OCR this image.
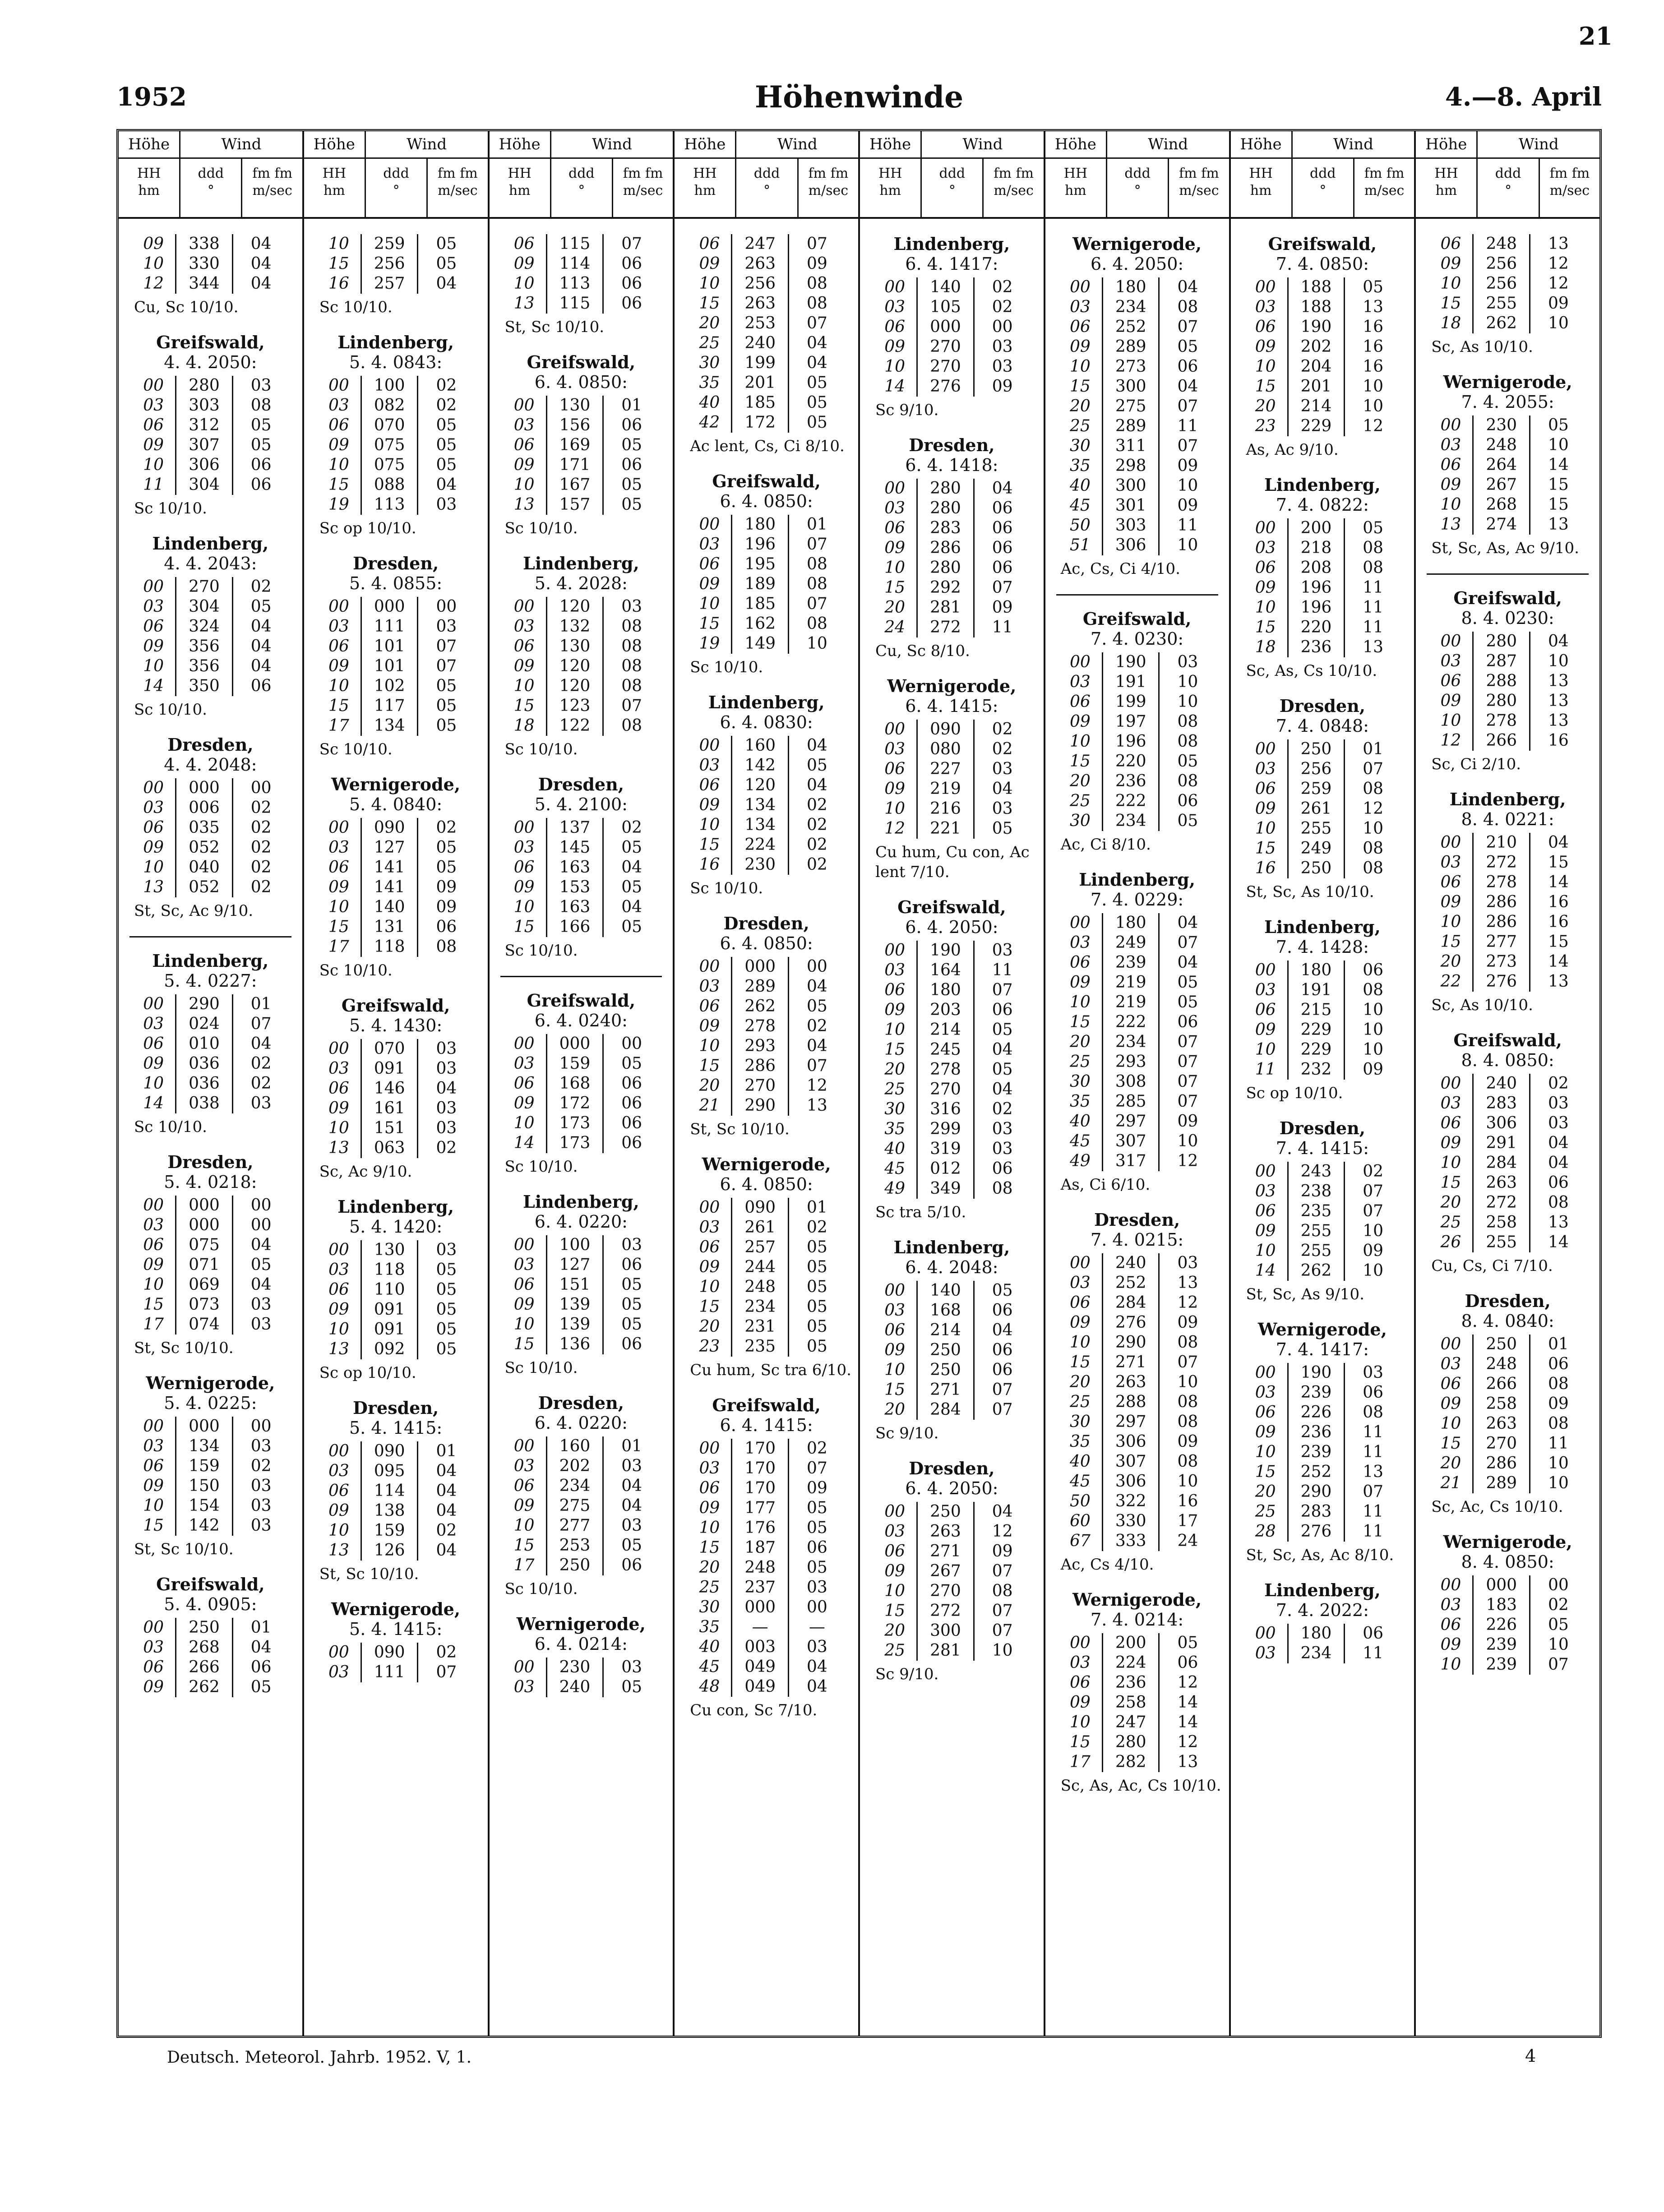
21
1952	Höhenwinde	4.—8. April
Höhe	Wind
HH
hm
ddd
°
fm fm
m/sec
Höhe	Wind
HH
hm
ddd
°
fm fm
m/sec
Höhe	Wind
HH
hm
ddd
°
fm fm
m/sec
Höhe	Wind
HH
hm
ddd
°
fm fm
m/sec
Höhe	Wind
HH
hm
ddd
°
fm fm
m/sec
Höhe	Wind
HH
hm
ddd
°
fm fm
m/sec
Höhe	Wind
HH
hm
ddd
°
fm fm
m/sec
Höhe	Wind
HH
hm
ddd
°
fm fm
m/sec
09	338	04
10	330	04
12	344	04
Cu, Sc 10/10.
Greifswald,
4. 4. 2050:
00	280	03
03	303	08
06	312	05
09	307	05
10	306	06
11	304	06
Sc 10/10.
Lindenberg,
4. 4. 2043:
00	270	02
03	304	05
06	324	04
09	356	04
10	356	04
14	350	06
Sc 10/10.
Dresden,
4. 4. 2048:
00	000	00
03	006	02
06	035	02
09	052	02
10	040	02
13	052	02
St, Sc, Ac 9/10.
Lindenberg,
5. 4. 0227:
00	290	01
03	024	07
06	010	04
09	036	02
10	036	02
14	038	03
Sc 10/10.
Dresden,
5. 4. 0218:
00	000	00
03	000	00
06	075	04
09	071	05
10	069	04
15	073	03
17	074	03
St, Sc 10/10.
Wernigerode,
5. 4. 0225:
00	000	00
03	134	03
06	159	02
09	150	03
10	154	03
15	142	03
St, Sc 10/10.
Greifswald,
5. 4. 0905:
00	250	01
03	268	04
06	266	06
09	262	05
10	259	05
15	256	05
16	257	04
Sc 10/10.
Lindenberg,
5. 4. 0843:
00	100	02
03	082	02
06	070	05
09	075	05
10	075	05
15	088	04
19	113	03
Sc op 10/10.
Dresden,
5. 4. 0855:
00	000	00
03	111	03
06	101	07
09	101	07
10	102	05
15	117	05
17	134	05
Sc 10/10.
Wernigerode,
5. 4. 0840:
00	090	02
03	127	05
06	141	05
09	141	09
10	140	09
15	131	06
17	118	08
Sc 10/10.
Greifswald,
5. 4. 1430:
00	070	03
03	091	03
06	146	04
09	161	03
10	151	03
13	063	02
Sc, Ac 9/10.
Lindenberg,
5. 4. 1420:
00	130	03
03	118	05
06	110	05
09	091	05
10	091	05
13	092	05
Sc op 10/10.
Dresden,
5. 4. 1415:
00	090	01
03	095	04
06	114	04
09	138	04
10	159	02
13	126	04
St, Sc 10/10.
Wernigerode,
5. 4. 1415:
00	090	02
03	111	07
06	115	07
09	114	06
10	113	06
13	115	06
St, Sc 10/10.
Greifswald,
6. 4. 0850:
00	130	01
03	156	06
06	169	05
09	171	06
10	167	05
13	157	05
Sc 10/10.
Lindenberg,
5. 4. 2028:
00	120	03
03	132	08
06	130	08
09	120	08
10	120	08
15	123	07
18	122	08
Sc 10/10.
Dresden,
5. 4. 2100:
00	137	02
03	145	05
06	163	04
09	153	05
10	163	04
15	166	05
Sc 10/10.
Greifswald,
6. 4. 0240:
00	000	00
03	159	05
06	168	06
09	172	06
10	173	06
14	173	06
Sc 10/10.
Lindenberg,
6. 4. 0220:
00	100	03
03	127	06
06	151	05
09	139	05
10	139	05
15	136	06
Sc 10/10.
Dresden,
6. 4. 0220:
00	160	01
03	202	03
06	234	04
09	275	04
10	277	03
15	253	05
17	250	06
Sc 10/10.
Wernigerode,
6. 4. 0214:
00	230	03
03	240	05
06	247	07
09	263	09
10	256	08
15	263	08
20	253	07
25	240	04
30	199	04
35	201	05
40	185	05
42	172	05
Ac lent, Cs, Ci 8/10.
Greifswald,
6. 4. 0850:
00	180	01
03	196	07
06	195	08
09	189	08
10	185	07
15	162	08
19	149	10
Sc 10/10.
Lindenberg,
6. 4. 0830:
00	160	04
03	142	05
06	120	04
09	134	02
10	134	02
15	224	02
16	230	02
Sc 10/10.
Dresden,
6. 4. 0850:
00	000	00
03	289	04
06	262	05
09	278	02
10	293	04
15	286	07
20	270	12
21	290	13
St, Sc 10/10.
Wernigerode,
6. 4. 0850:
00	090	01
03	261	02
06	257	05
09	244	05
10	248	05
15	234	05
20	231	05
23	235	05
Cu hum, Sc tra 6/10.
Greifswald,
6. 4. 1415:
00	170	02
03	170	07
06	170	09
09	177	05
10	176	05
15	187	06
20	248	05
25	237	03
30	000	00
35	—	—
40	003	03
45	049	04
48	049	04
Cu con, Sc 7/10.
Lindenberg,
6. 4. 1417:
00	140	02
03	105	02
06	000	00
09	270	03
10	270	03
14	276	09
Sc 9/10.
Dresden,
6. 4. 1418:
00	280	04
03	280	06
06	283	06
09	286	06
10	280	06
15	292	07
20	281	09
24	272	11
Cu, Sc 8/10.
Wernigerode,
6. 4. 1415:
00	090	02
03	080	02
06	227	03
09	219	04
10	216	03
12	221	05
Cu hum, Cu con, Ac lent 7/10.
Greifswald,
6. 4. 2050:
00	190	03
03	164	11
06	180	07
09	203	06
10	214	05
15	245	04
20	278	05
25	270	04
30	316	02
35	299	03
40	319	03
45	012	06
49	349	08
Sc tra 5/10.
Lindenberg,
6. 4. 2048:
00	140	05
03	168	06
06	214	04
09	250	06
10	250	06
15	271	07
20	284	07
Sc 9/10.
Dresden,
6. 4. 2050:
00	250	04
03	263	12
06	271	09
09	267	07
10	270	08
15	272	07
20	300	07
25	281	10
Sc 9/10.
Wernigerode,
6. 4. 2050:
00	180	04
03	234	08
06	252	07
09	289	05
10	273	06
15	300	04
20	275	07
25	289	11
30	311	07
35	298	09
40	300	10
45	301	09
50	303	11
51	306	10
Ac, Cs, Ci 4/10.
Greifswald,
7. 4. 0230:
00	190	03
03	191	10
06	199	10
09	197	08
10	196	08
15	220	05
20	236	08
25	222	06
30	234	05
Ac, Ci 8/10.
Lindenberg,
7. 4. 0229:
00	180	04
03	249	07
06	239	04
09	219	05
10	219	05
15	222	06
20	234	07
25	293	07
30	308	07
35	285	07
40	297	09
45	307	10
49	317	12
As, Ci 6/10.
Dresden,
7. 4. 0215:
00	240	03
03	252	13
06	284	12
09	276	09
10	290	08
15	271	07
20	263	10
25	288	08
30	297	08
35	306	09
40	307	08
45	306	10
50	322	16
60	330	17
67	333	24
Ac, Cs 4/10.
Wernigerode,
7. 4. 0214:
00	200	05
03	224	06
06	236	12
09	258	14
10	247	14
15	280	12
17	282	13
Sc, As, Ac, Cs 10/10.
Greifswald,
7. 4. 0850:
00	188	05
03	188	13
06	190	16
09	202	16
10	204	16
15	201	10
20	214	10
23	229	12
As, Ac 9/10.
Lindenberg,
7. 4. 0822:
00	200	05
03	218	08
06	208	08
09	196	11
10	196	11
15	220	11
18	236	13
Sc, As, Cs 10/10.
Dresden,
7. 4. 0848:
00	250	01
03	256	07
06	259	08
09	261	12
10	255	10
15	249	08
16	250	08
St, Sc, As 10/10.
Lindenberg,
7. 4. 1428:
00	180	06
03	191	08
06	215	10
09	229	10
10	229	10
11	232	09
Sc op 10/10.
Dresden,
7. 4. 1415:
00	243	02
03	238	07
06	235	07
09	255	10
10	255	09
14	262	10
St, Sc, As 9/10.
Wernigerode,
7. 4. 1417:
00	190	03
03	239	06
06	226	08
09	236	11
10	239	11
15	252	13
20	290	07
25	283	11
28	276	11
St, Sc, As, Ac 8/10.
Lindenberg,
7. 4. 2022:
00	180	06
03	234	11
06	248	13
09	256	12
10	256	12
15	255	09
18	262	10
Sc, As 10/10.
Wernigerode,
7. 4. 2055:
00	230	05
03	248	10
06	264	14
09	267	15
10	268	15
13	274	13
St, Sc, As, Ac 9/10.
Greifswald,
8. 4. 0230:
00	280	04
03	287	10
06	288	13
09	280	13
10	278	13
12	266	16
Sc, Ci 2/10.
Lindenberg,
8. 4. 0221:
00	210	04
03	272	15
06	278	14
09	286	16
10	286	16
15	277	15
20	273	14
22	276	13
Sc, As 10/10.
Greifswald,
8. 4. 0850:
00	240	02
03	283	03
06	306	03
09	291	04
10	284	04
15	263	06
20	272	08
25	258	13
26	255	14
Cu, Cs, Ci 7/10.
Dresden,
8. 4. 0840:
00	250	01
03	248	06
06	266	08
09	258	09
10	263	08
15	270	11
20	286	10
21	289	10
Sc, Ac, Cs 10/10.
Wernigerode,
8. 4. 0850:
00	000	00
03	183	02
06	226	05
09	239	10
10	239	07
Deutsch. Meteorol. Jahrb. 1952. V, 1.	4
